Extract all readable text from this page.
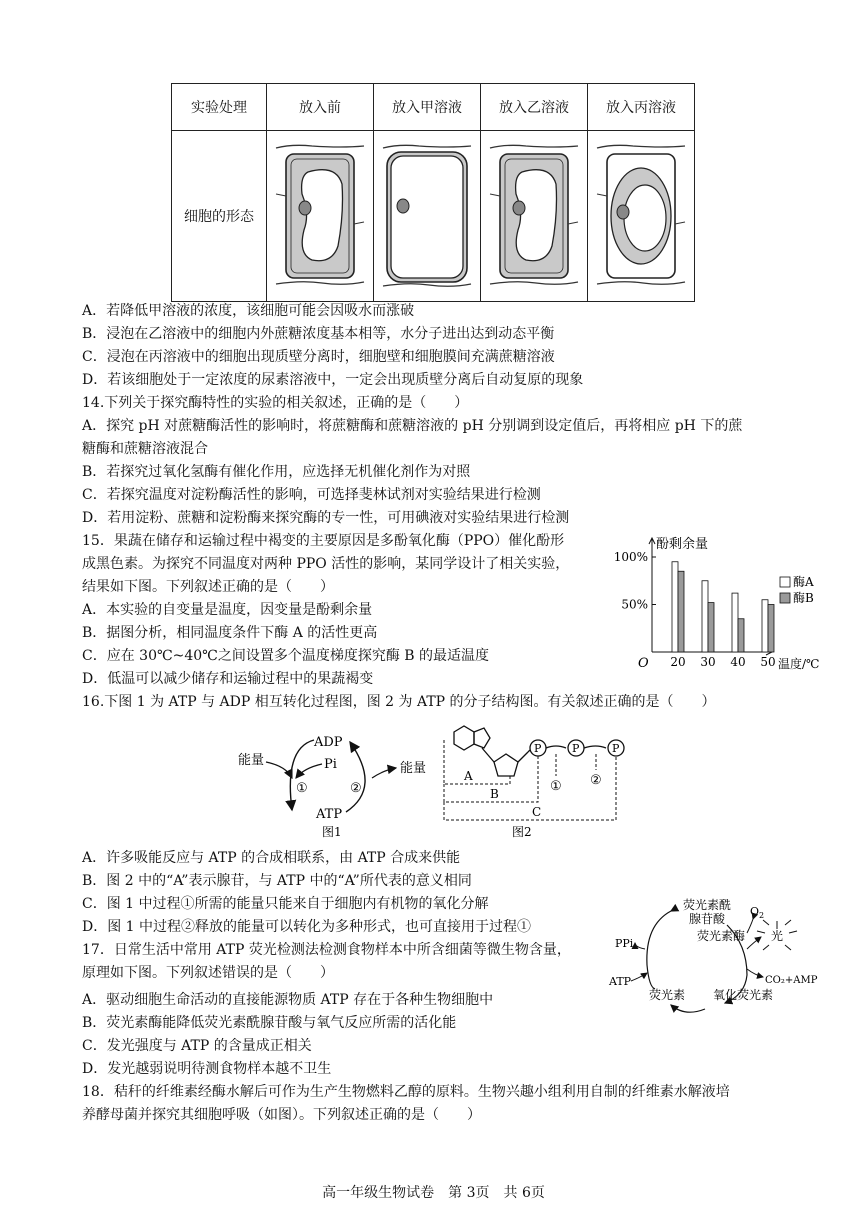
实验处理	放入前	放入甲溶液	放入乙溶液	放入丙溶液
细胞的形态	

A．若降低甲溶液的浓度，该细胞可能会因吸水而涨破
B．浸泡在乙溶液中的细胞内外蔗糖浓度基本相等，水分子进出达到动态平衡
C．浸泡在丙溶液中的细胞出现质壁分离时，细胞壁和细胞膜间充满蔗糖溶液
D．若该细胞处于一定浓度的尿素溶液中，一定会出现质壁分离后自动复原的现象
14.下列关于探究酶特性的实验的相关叙述，正确的是（　　）
A．探究 pH 对蔗糖酶活性的影响时，将蔗糖酶和蔗糖溶液的 pH 分别调到设定值后，再将相应 pH 下的蔗
糖酶和蔗糖溶液混合
B．若探究过氧化氢酶有催化作用，应选择无机催化剂作为对照
C．若探究温度对淀粉酶活性的影响，可选择斐林试剂对实验结果进行检测
D．若用淀粉、蔗糖和淀粉酶来探究酶的专一性，可用碘液对实验结果进行检测
15．果蔬在储存和运输过程中褐变的主要原因是多酚氧化酶（PPO）催化酚形
成黑色素。为探究不同温度对两种 PPO 活性的影响，某同学设计了相关实验，
结果如下图。下列叙述正确的是（　　）
A．本实验的自变量是温度，因变量是酚剩余量
B．据图分析，相同温度条件下酶 A 的活性更高
C．应在 30℃~40℃之间设置多个温度梯度探究酶 B 的最适温度
D．低温可以减少储存和运输过程中的果蔬褐变
酚剩余量
温度/℃
O
100%
50%
20 30 40 50
酶A
酶B
16.下图 1 为 ATP 与 ADP 相互转化过程图，图 2 为 ATP 的分子结构图。有关叙述正确的是（　　）
ADP
Pi
ATP
能量
能量
①	②
图1
P	P	P
① ②
A
B
C
图2
A．许多吸能反应与 ATP 的合成相联系，由 ATP 合成来供能
B．图 2 中的“A”表示腺苷，与 ATP 中的“A”所代表的意义相同
C．图 1 中过程①所需的能量只能来自于细胞内有机物的氧化分解
D．图 1 中过程②释放的能量可以转化为多种形式，也可直接用于过程①
17．日常生活中常用 ATP 荧光检测法检测食物样本中所含细菌等微生物含量，
原理如下图。下列叙述错误的是（　　）
A．驱动细胞生命活动的直接能源物质 ATP 存在于各种生物细胞中
B．荧光素酶能降低荧光素酰腺苷酸与氧气反应所需的活化能
C．发光强度与 ATP 的含量成正相关
D．发光越弱说明待测食物样本越不卫生
荧光素酰
腺苷酸
荧光素酶
$O_2$
光
PPi
ATP	CO₂+AMP
荧光素 氧化荧光素
18．秸秆的纤维素经酶水解后可作为生产生物燃料乙醇的原料。生物兴趣小组利用自制的纤维素水解液培
养酵母菌并探究其细胞呼吸（如图）。下列叙述正确的是（　　）
高一年级生物试卷　第 3页　共 6页
